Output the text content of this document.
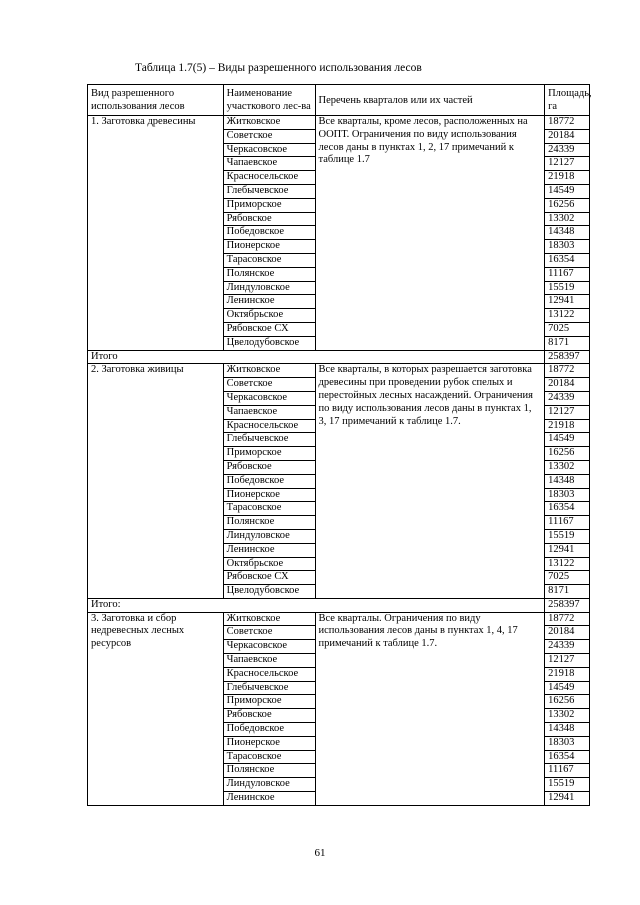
Таблица 1.7(5) – Виды разрешенного использования лесов
Вид разрешенного использования лесов	Наименование участкового лес-ва	Перечень кварталов или их частей	Площадь, га
1. Заготовка древесины	Житковское	Все кварталы, кроме лесов, расположенных на ООПТ. Ограничения по виду использования лесов даны в пунктах 1, 2, 17 примечаний к таблице 1.7	18772
	Советское		20184
	Черкасовское		24339
	Чапаевское		12127
	Красносельское		21918
	Глебычевское		14549
	Приморское		16256
	Рябовское		13302
	Победовское		14348
	Пионерское		18303
	Тарасовское		16354
	Полянское		11167
	Линдуловское		15519
	Ленинское		12941
	Октябрьское		13122
	Рябовское СХ		7025
	Цвелодубовское		8171
Итого			258397
2. Заготовка живицы	Житковское	Все кварталы, в которых разрешается заготовка древесины при проведении рубок спелых и перестойных лесных насаждений. Ограничения по виду использования лесов даны в пунктах 1, 3, 17 примечаний к таблице 1.7.	18772
	Советское		20184
	Черкасовское		24339
	Чапаевское		12127
	Красносельское		21918
	Глебычевское		14549
	Приморское		16256
	Рябовское		13302
	Победовское		14348
	Пионерское		18303
	Тарасовское		16354
	Полянское		11167
	Линдуловское		15519
	Ленинское		12941
	Октябрьское		13122
	Рябовское СХ		7025
	Цвелодубовское		8171
Итого:			258397
3. Заготовка и сбор недревесных лесных ресурсов	Житковское	Все кварталы. Ограничения по виду использования лесов даны в пунктах 1, 4, 17 примечаний к таблице 1.7.	18772
	Советское		20184
	Черкасовское		24339
	Чапаевское		12127
	Красносельское		21918
	Глебычевское		14549
	Приморское		16256
	Рябовское		13302
	Победовское		14348
	Пионерское		18303
	Тарасовское		16354
	Полянское		11167
	Линдуловское		15519
	Ленинское		12941
61
